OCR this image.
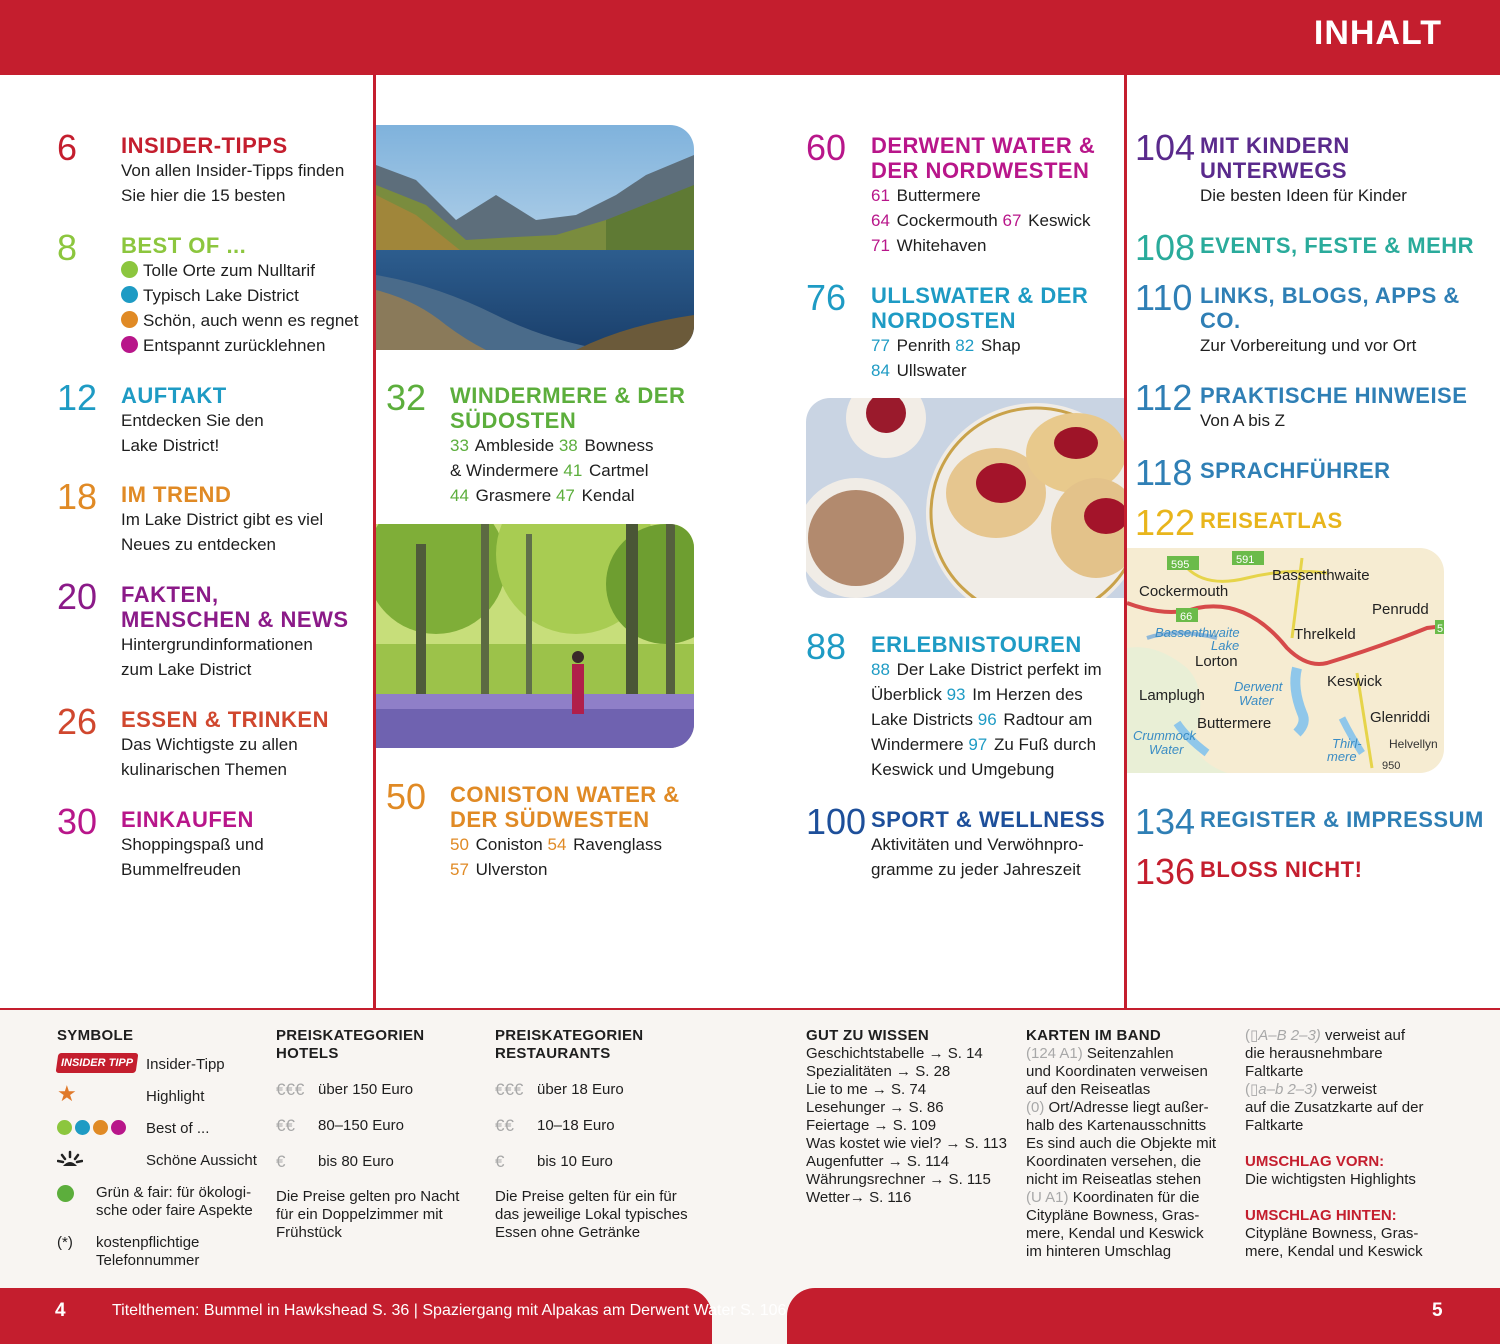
INHALT
6 INSIDER-TIPPS
Von allen Insider-Tipps finden
Sie hier die 15 besten
8 BEST OF ...
Tolle Orte zum Nulltarif
Typisch Lake District
Schön, auch wenn es regnet
Entspannt zurücklehnen
12 AUFTAKT
Entdecken Sie den
Lake District!
18 IM TREND
Im Lake District gibt es viel
Neues zu entdecken
20 FAKTEN,
MENSCHEN & NEWS
Hintergrundinformationen
zum Lake District
26 ESSEN & TRINKEN
Das Wichtigste zu allen
kulinarischen Themen
30 EINKAUFEN
Shoppingspaß und
Bummelfreuden
32 WINDERMERE & DER
SÜDOSTEN
33 Ambleside 38 Bowness
& Windermere 41 Cartmel
44 Grasmere 47 Kendal
50 CONISTON WATER &
DER SÜDWESTEN
50 Coniston 54 Ravenglass
57 Ulverston
60 DERWENT WATER &
DER NORDWESTEN
61 Buttermere
64 Cockermouth 67 Keswick
71 Whitehaven
76 ULLSWATER & DER
NORDOSTEN
77 Penrith 82 Shap
84 Ullswater
88 ERLEBNISTOUREN
88 Der Lake District perfekt im
Überblick 93 Im Herzen des
Lake Districts 96 Radtour am
Windermere 97 Zu Fuß durch
Keswick und Umgebung
100 SPORT & WELLNESS
Aktivitäten und Verwöhnpro-
gramme zu jeder Jahreszeit
104 MIT KINDERN
UNTERWEGS
Die besten Ideen für Kinder
108 EVENTS, FESTE & MEHR
110 LINKS, BLOGS, APPS &
CO.
Zur Vorbereitung und vor Ort
112 PRAKTISCHE HINWEISE
Von A bis Z
118 SPRACHFÜHRER
122 REISEATLAS
134 REGISTER & IMPRESSUM
136 BLOSS NICHT!
595	591
66
5
Bassenthwaite
Cockermouth
Penrudd
Threlkeld
Lorton
Keswick
Lamplugh
Glenriddi
Buttermere
Bassenthwaite
Lake
Derwent
Water
Crummock
Water	Thirl-
mere
Helvellyn
950
SYMBOLE
INSIDER TIPP Insider-Tipp
★	Highlight
Best of ...
Schöne Aussicht
Grün & fair: für ökologi-
sche oder faire Aspekte
(*) kostenpflichtige
Telefonnummer
PREISKATEGORIEN
HOTELS
€€€ über 150 Euro
€€ 80–150 Euro
€ bis 80 Euro
Die Preise gelten pro Nacht
für ein Doppelzimmer mit
Frühstück
PREISKATEGORIEN
RESTAURANTS
€€€ über 18 Euro
€€ 10–18 Euro
€ bis 10 Euro
Die Preise gelten für ein für
das jeweilige Lokal typisches
Essen ohne Getränke
GUT ZU WISSEN
Geschichtstabelle → S. 14
Spezialitäten → S. 28
Lie to me → S. 74
Lesehunger → S. 86
Feiertage → S. 109
Was kostet wie viel? → S. 113
Augenfutter → S. 114
Währungsrechner → S. 115
Wetter→ S. 116
KARTEN IM BAND
(124 A1) Seitenzahlen
und Koordinaten verweisen
auf den Reiseatlas
(0) Ort/Adresse liegt außer-
halb des Kartenausschnitts
Es sind auch die Objekte mit
Koordinaten versehen, die
nicht im Reiseatlas stehen
(U A1) Koordinaten für die
Citypläne Bowness, Gras-
mere, Kendal und Keswick
im hinteren Umschlag
(▯A–B 2–3) verweist auf
die herausnehmbare
Faltkarte
(▯a–b 2–3) verweist
auf die Zusatzkarte auf der
Faltkarte
UMSCHLAG VORN:
Die wichtigsten Highlights
UMSCHLAG HINTEN:
Citypläne Bowness, Gras-
mere, Kendal und Keswick
4	Titelthemen: Bummel in Hawkshead S. 36 | Spaziergang mit Alpakas am Derwent Water S. 106	5
